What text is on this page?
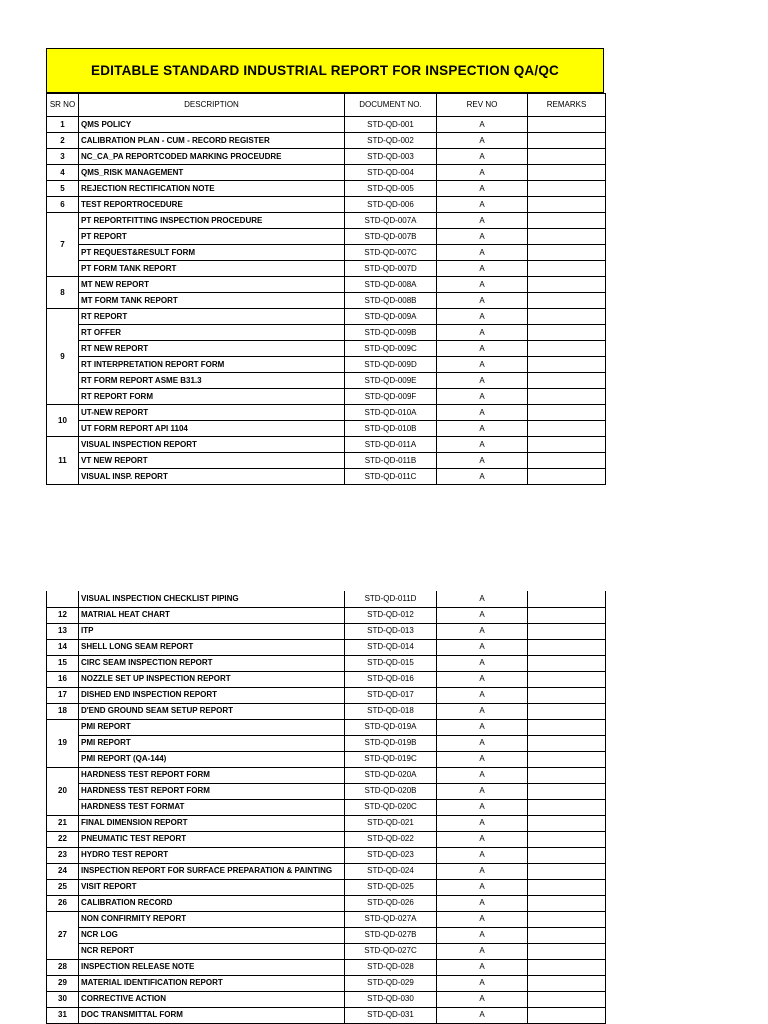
EDITABLE STANDARD INDUSTRIAL REPORT FOR INSPECTION QA/QC
SR NO	DESCRIPTION	DOCUMENT NO.	REV NO	REMARKS
1	QMS POLICY	STD-QD-001	A	
2	CALIBRATION PLAN - CUM - RECORD REGISTER	STD-QD-002	A	
3	NC_CA_PA REPORTCODED MARKING PROCEUDRE	STD-QD-003	A	
4	QMS_RISK MANAGEMENT	STD-QD-004	A	
5	REJECTION RECTIFICATION NOTE	STD-QD-005	A	
6	TEST REPORTROCEDURE	STD-QD-006	A	
7	PT REPORTFITTING INSPECTION PROCEDURE	STD-QD-007A	A	
	PT REPORT	STD-QD-007B	A	
	PT REQUEST&RESULT FORM	STD-QD-007C	A	
	PT FORM TANK REPORT	STD-QD-007D	A	
8	MT NEW REPORT	STD-QD-008A	A	
	MT FORM TANK REPORT	STD-QD-008B	A	
9	RT REPORT	STD-QD-009A	A	
	RT OFFER	STD-QD-009B	A	
	RT NEW REPORT	STD-QD-009C	A	
	RT INTERPRETATION REPORT FORM	STD-QD-009D	A	
	RT FORM REPORT ASME B31.3	STD-QD-009E	A	
	RT REPORT FORM	STD-QD-009F	A	
10	UT-NEW REPORT	STD-QD-010A	A	
	UT FORM REPORT API 1104	STD-QD-010B	A	
11	VISUAL INSPECTION REPORT	STD-QD-011A	A	
	VT NEW REPORT	STD-QD-011B	A	
	VISUAL INSP. REPORT	STD-QD-011C	A	
	VISUAL INSPECTION CHECKLIST PIPING	STD-QD-011D	A	
12	MATRIAL HEAT CHART	STD-QD-012	A	
13	ITP	STD-QD-013	A	
14	SHELL LONG SEAM REPORT	STD-QD-014	A	
15	CIRC SEAM INSPECTION REPORT	STD-QD-015	A	
16	NOZZLE SET UP INSPECTION REPORT	STD-QD-016	A	
17	DISHED END INSPECTION REPORT	STD-QD-017	A	
18	D'END GROUND SEAM SETUP REPORT	STD-QD-018	A	
19	PMI REPORT	STD-QD-019A	A	
	PMI REPORT	STD-QD-019B	A	
	PMI REPORT (QA-144)	STD-QD-019C	A	
20	HARDNESS TEST REPORT FORM	STD-QD-020A	A	
	HARDNESS TEST REPORT FORM	STD-QD-020B	A	
	HARDNESS TEST FORMAT	STD-QD-020C	A	
21	FINAL DIMENSION REPORT	STD-QD-021	A	
22	PNEUMATIC TEST REPORT	STD-QD-022	A	
23	HYDRO TEST REPORT	STD-QD-023	A	
24	INSPECTION REPORT FOR SURFACE PREPARATION & PAINTING	STD-QD-024	A	
25	VISIT REPORT	STD-QD-025	A	
26	CALIBRATION RECORD	STD-QD-026	A	
27	NON CONFIRMITY REPORT	STD-QD-027A	A	
	NCR LOG	STD-QD-027B	A	
	NCR REPORT	STD-QD-027C	A	
28	INSPECTION RELEASE NOTE	STD-QD-028	A	
29	MATERIAL IDENTIFICATION REPORT	STD-QD-029	A	
30	CORRECTIVE ACTION	STD-QD-030	A	
31	DOC TRANSMITTAL FORM	STD-QD-031	A	
